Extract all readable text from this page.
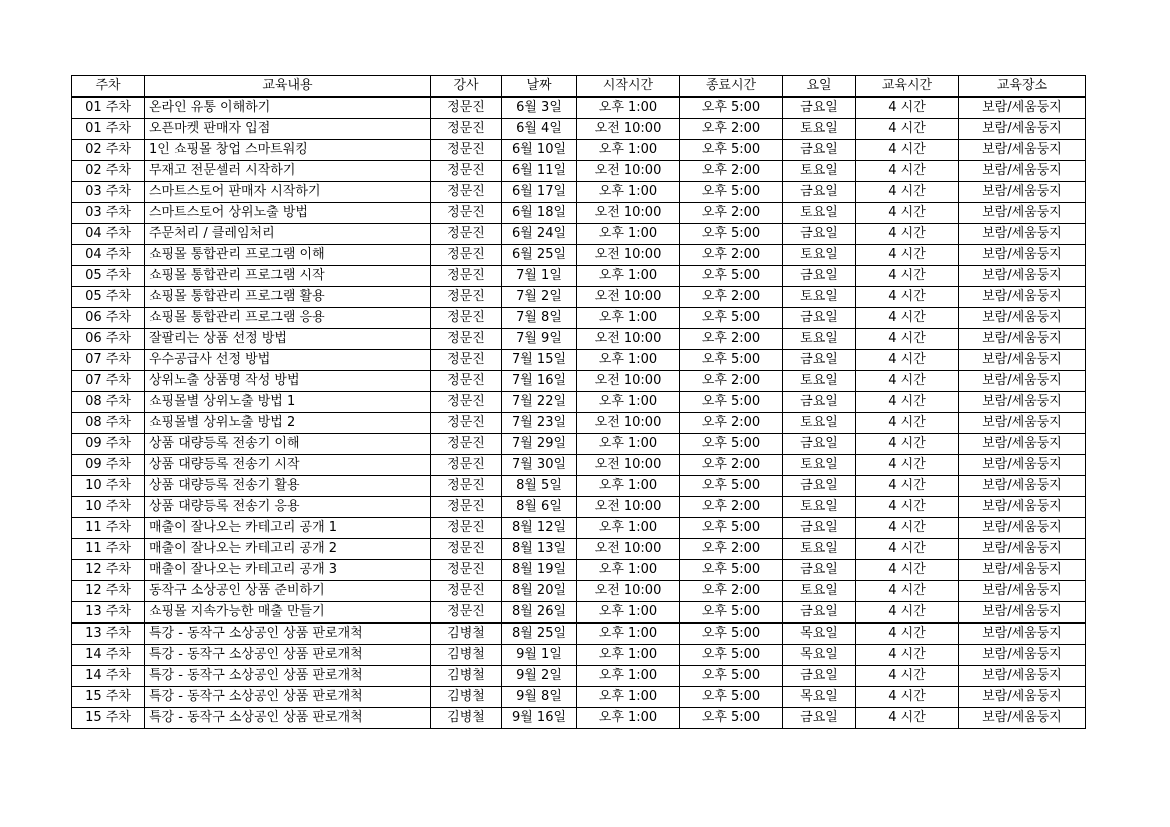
주차	교육내용	강사	날짜	시작시간	종료시간	요일	교육시간	교육장소
01 주차	온라인 유통 이해하기	정문진	6월 3일	오후 1:00	오후 5:00	금요일	4 시간	보람/세움둥지
01 주차	오픈마켓 판매자 입점	정문진	6월 4일	오전 10:00	오후 2:00	토요일	4 시간	보람/세움둥지
02 주차	1인 쇼핑몰 창업 스마트워킹	정문진	6월 10일	오후 1:00	오후 5:00	금요일	4 시간	보람/세움둥지
02 주차	무재고 전문셀러 시작하기	정문진	6월 11일	오전 10:00	오후 2:00	토요일	4 시간	보람/세움둥지
03 주차	스마트스토어 판매자 시작하기	정문진	6월 17일	오후 1:00	오후 5:00	금요일	4 시간	보람/세움둥지
03 주차	스마트스토어 상위노출 방법	정문진	6월 18일	오전 10:00	오후 2:00	토요일	4 시간	보람/세움둥지
04 주차	주문처리 / 클레임처리	정문진	6월 24일	오후 1:00	오후 5:00	금요일	4 시간	보람/세움둥지
04 주차	쇼핑몰 통합관리 프로그램 이해	정문진	6월 25일	오전 10:00	오후 2:00	토요일	4 시간	보람/세움둥지
05 주차	쇼핑몰 통합관리 프로그램 시작	정문진	7월 1일	오후 1:00	오후 5:00	금요일	4 시간	보람/세움둥지
05 주차	쇼핑몰 통합관리 프로그램 활용	정문진	7월 2일	오전 10:00	오후 2:00	토요일	4 시간	보람/세움둥지
06 주차	쇼핑몰 통합관리 프로그램 응용	정문진	7월 8일	오후 1:00	오후 5:00	금요일	4 시간	보람/세움둥지
06 주차	잘팔리는 상품 선정 방법	정문진	7월 9일	오전 10:00	오후 2:00	토요일	4 시간	보람/세움둥지
07 주차	우수공급사 선정 방법	정문진	7월 15일	오후 1:00	오후 5:00	금요일	4 시간	보람/세움둥지
07 주차	상위노출 상품명 작성 방법	정문진	7월 16일	오전 10:00	오후 2:00	토요일	4 시간	보람/세움둥지
08 주차	쇼핑몰별 상위노출 방법 1	정문진	7월 22일	오후 1:00	오후 5:00	금요일	4 시간	보람/세움둥지
08 주차	쇼핑몰별 상위노출 방법 2	정문진	7월 23일	오전 10:00	오후 2:00	토요일	4 시간	보람/세움둥지
09 주차	상품 대량등록 전송기 이해	정문진	7월 29일	오후 1:00	오후 5:00	금요일	4 시간	보람/세움둥지
09 주차	상품 대량등록 전송기 시작	정문진	7월 30일	오전 10:00	오후 2:00	토요일	4 시간	보람/세움둥지
10 주차	상품 대량등록 전송기 활용	정문진	8월 5일	오후 1:00	오후 5:00	금요일	4 시간	보람/세움둥지
10 주차	상품 대량등록 전송기 응용	정문진	8월 6일	오전 10:00	오후 2:00	토요일	4 시간	보람/세움둥지
11 주차	매출이 잘나오는 카테고리 공개 1	정문진	8월 12일	오후 1:00	오후 5:00	금요일	4 시간	보람/세움둥지
11 주차	매출이 잘나오는 카테고리 공개 2	정문진	8월 13일	오전 10:00	오후 2:00	토요일	4 시간	보람/세움둥지
12 주차	매출이 잘나오는 카테고리 공개 3	정문진	8월 19일	오후 1:00	오후 5:00	금요일	4 시간	보람/세움둥지
12 주차	동작구 소상공인 상품 준비하기	정문진	8월 20일	오전 10:00	오후 2:00	토요일	4 시간	보람/세움둥지
13 주차	쇼핑몰 지속가능한 매출 만들기	정문진	8월 26일	오후 1:00	오후 5:00	금요일	4 시간	보람/세움둥지
13 주차	특강 - 동작구 소상공인 상품 판로개척	김병철	8월 25일	오후 1:00	오후 5:00	목요일	4 시간	보람/세움둥지
14 주차	특강 - 동작구 소상공인 상품 판로개척	김병철	9월 1일	오후 1:00	오후 5:00	목요일	4 시간	보람/세움둥지
14 주차	특강 - 동작구 소상공인 상품 판로개척	김병철	9월 2일	오후 1:00	오후 5:00	금요일	4 시간	보람/세움둥지
15 주차	특강 - 동작구 소상공인 상품 판로개척	김병철	9월 8일	오후 1:00	오후 5:00	목요일	4 시간	보람/세움둥지
15 주차	특강 - 동작구 소상공인 상품 판로개척	김병철	9월 16일	오후 1:00	오후 5:00	금요일	4 시간	보람/세움둥지
